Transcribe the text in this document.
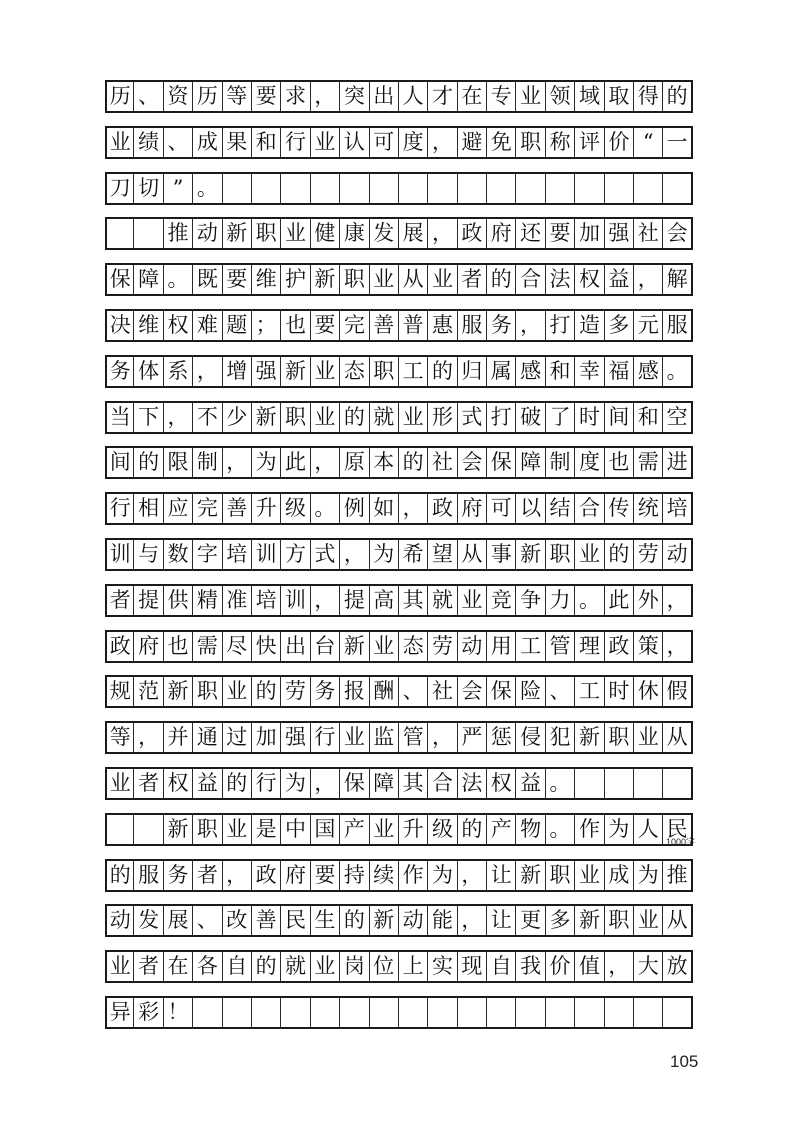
历 、 资 历 等 要 求 ， 突 出 人 才 在 专 业 领 域 取 得 的
业 绩 、 成 果 和 行 业 认 可 度 ， 避 免 职 称 评 价 “ 一
刀 切 ” 。
推 动 新 职 业 健 康 发 展 ， 政 府 还 要 加 强 社 会
保 障 。 既 要 维 护 新 职 业 从 业 者 的 合 法 权 益 ， 解
决 维 权 难 题 ； 也 要 完 善 普 惠 服 务 ， 打 造 多 元 服
务 体 系 ， 增 强 新 业 态 职 工 的 归 属 感 和 幸 福 感 。
当 下 ， 不 少 新 职 业 的 就 业 形 式 打 破 了 时 间 和 空
间 的 限 制 ， 为 此 ， 原 本 的 社 会 保 障 制 度 也 需 进
行 相 应 完 善 升 级 。 例 如 ， 政 府 可 以 结 合 传 统 培
训 与 数 字 培 训 方 式 ， 为 希 望 从 事 新 职 业 的 劳 动
者 提 供 精 准 培 训 ， 提 高 其 就 业 竞 争 力 。 此 外 ，
政 府 也 需 尽 快 出 台 新 业 态 劳 动 用 工 管 理 政 策 ，
规 范 新 职 业 的 劳 务 报 酬 、 社 会 保 险 、 工 时 休 假
等 ， 并 通 过 加 强 行 业 监 管 ， 严 惩 侵 犯 新 职 业 从
业 者 权 益 的 行 为 ， 保 障 其 合 法 权 益 。
新 职 业 是 中 国 产 业 升 级 的 产 物 。 作 为 人 民
的 服 务 者 ， 政 府 要 持 续 作 为 ， 让 新 职 业 成 为 推
动 发 展 、 改 善 民 生 的 新 动 能 ， 让 更 多 新 职 业 从
业 者 在 各 自 的 就 业 岗 位 上 实 现 自 我 价 值 ， 大 放
异 彩 ！
1000字
105
